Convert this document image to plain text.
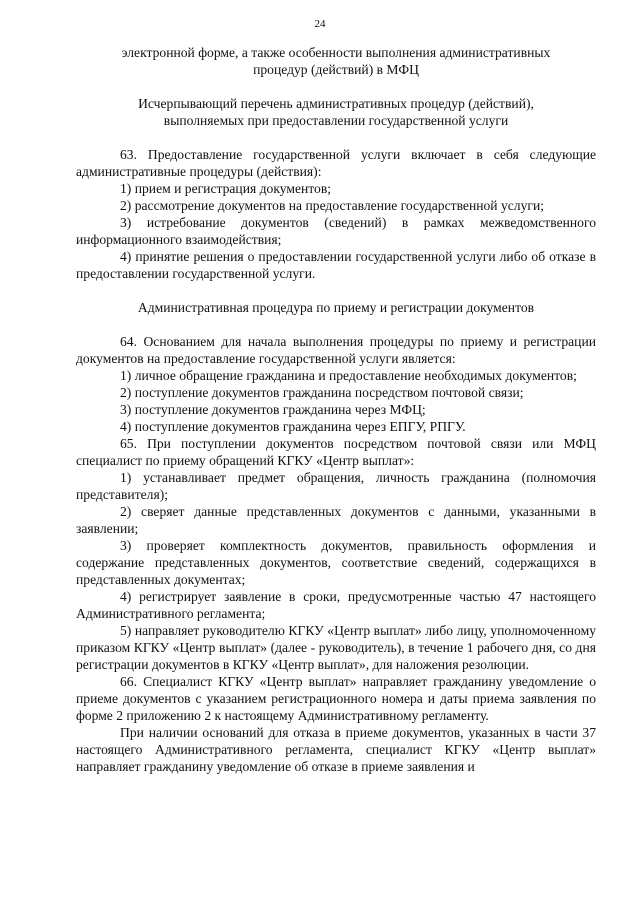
24

электронной форме, а также особенности выполнения административных

процедур (действий) в МФЦ

Исчерпывающий перечень административных процедур (действий),

выполняемых при предоставлении государственной услуги

63. Предоставление государственной услуги включает в себя следующие административные процедуры (действия):

1) прием и регистрация документов;

2) рассмотрение документов на предоставление государственной услуги;

3) истребование документов (сведений) в рамках межведомственного информационного взаимодействия;

4) принятие решения о предоставлении государственной услуги либо об отказе в предоставлении государственной услуги.

Административная процедура по приему и регистрации документов

64. Основанием для начала выполнения процедуры по приему и регистрации документов на предоставление государственной услуги является:

1) личное обращение гражданина и предоставление необходимых документов;

2) поступление документов гражданина посредством почтовой связи;

3) поступление документов гражданина через МФЦ;

4) поступление документов гражданина через ЕПГУ, РПГУ.

65. При поступлении документов посредством почтовой связи или МФЦ специалист по приему обращений КГКУ «Центр выплат»:

1) устанавливает предмет обращения, личность гражданина (полномочия представителя);

2) сверяет данные представленных документов с данными, указанными в заявлении;

3) проверяет комплектность документов, правильность оформления и содержание представленных документов, соответствие сведений, содержащихся в представленных документах;

4) регистрирует заявление в сроки, предусмотренные частью 47 настоящего Административного регламента;

5) направляет руководителю КГКУ «Центр выплат» либо лицу, уполномоченному приказом КГКУ «Центр выплат» (далее - руководитель), в течение 1 рабочего дня, со дня регистрации документов в КГКУ «Центр выплат», для наложения резолюции.

66. Специалист КГКУ «Центр выплат» направляет гражданину уведомление о приеме документов с указанием регистрационного номера и даты приема заявления по форме 2 приложению 2 к настоящему Административному регламенту.

При наличии оснований для отказа в приеме документов, указанных в части 37 настоящего Административного регламента, специалист КГКУ «Центр выплат» направляет гражданину уведомление об отказе в приеме заявления и
